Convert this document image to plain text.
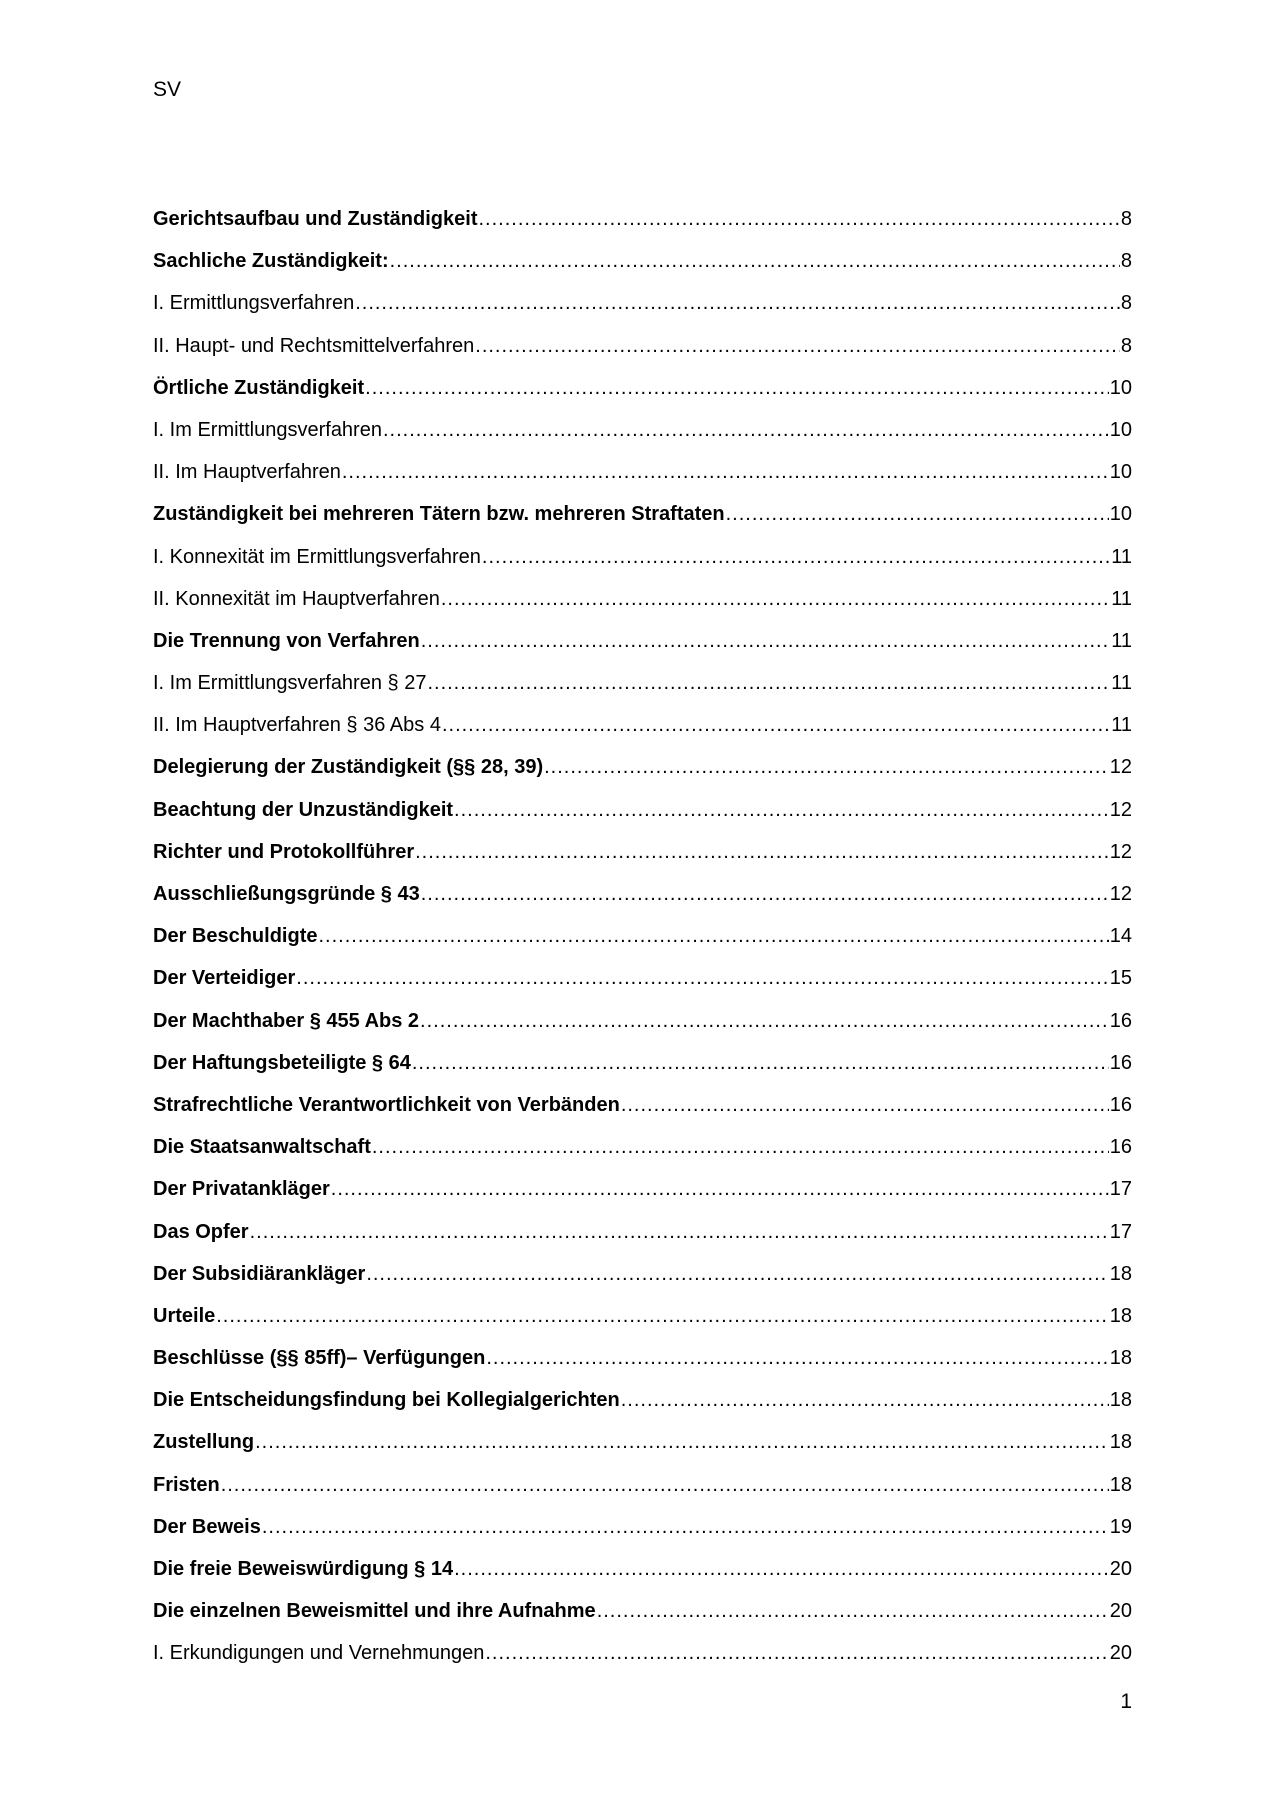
SV
Gerichtsaufbau und Zuständigkeit .....	8
Sachliche Zuständigkeit: .....	8
I. Ermittlungsverfahren .....	8
II. Haupt- und Rechtsmittelverfahren .....	8
Örtliche Zuständigkeit .....	10
I. Im Ermittlungsverfahren .....	10
II. Im Hauptverfahren .....	10
Zuständigkeit bei mehreren Tätern bzw. mehreren Straftaten .....	10
I. Konnexität im Ermittlungsverfahren .....	11
II. Konnexität im Hauptverfahren .....	11
Die Trennung von Verfahren .....	11
I. Im Ermittlungsverfahren § 27 .....	11
II. Im Hauptverfahren § 36 Abs 4 .....	11
Delegierung der Zuständigkeit (§§ 28, 39) .....	12
Beachtung der Unzuständigkeit .....	12
Richter und Protokollführer .....	12
Ausschließungsgründe § 43 .....	12
Der Beschuldigte .....	14
Der Verteidiger .....	15
Der Machthaber § 455 Abs 2 .....	16
Der Haftungsbeteiligte § 64 .....	16
Strafrechtliche Verantwortlichkeit von Verbänden .....	16
Die Staatsanwaltschaft .....	16
Der Privatankläger .....	17
Das Opfer .....	17
Der Subsidiärankläger .....	18
Urteile .....	18
Beschlüsse (§§ 85ff)– Verfügungen .....	18
Die Entscheidungsfindung bei Kollegialgerichten .....	18
Zustellung .....	18
Fristen .....	18
Der Beweis .....	19
Die freie Beweiswürdigung § 14 .....	20
Die einzelnen Beweismittel und ihre Aufnahme .....	20
I. Erkundigungen und Vernehmungen .....	20
1
